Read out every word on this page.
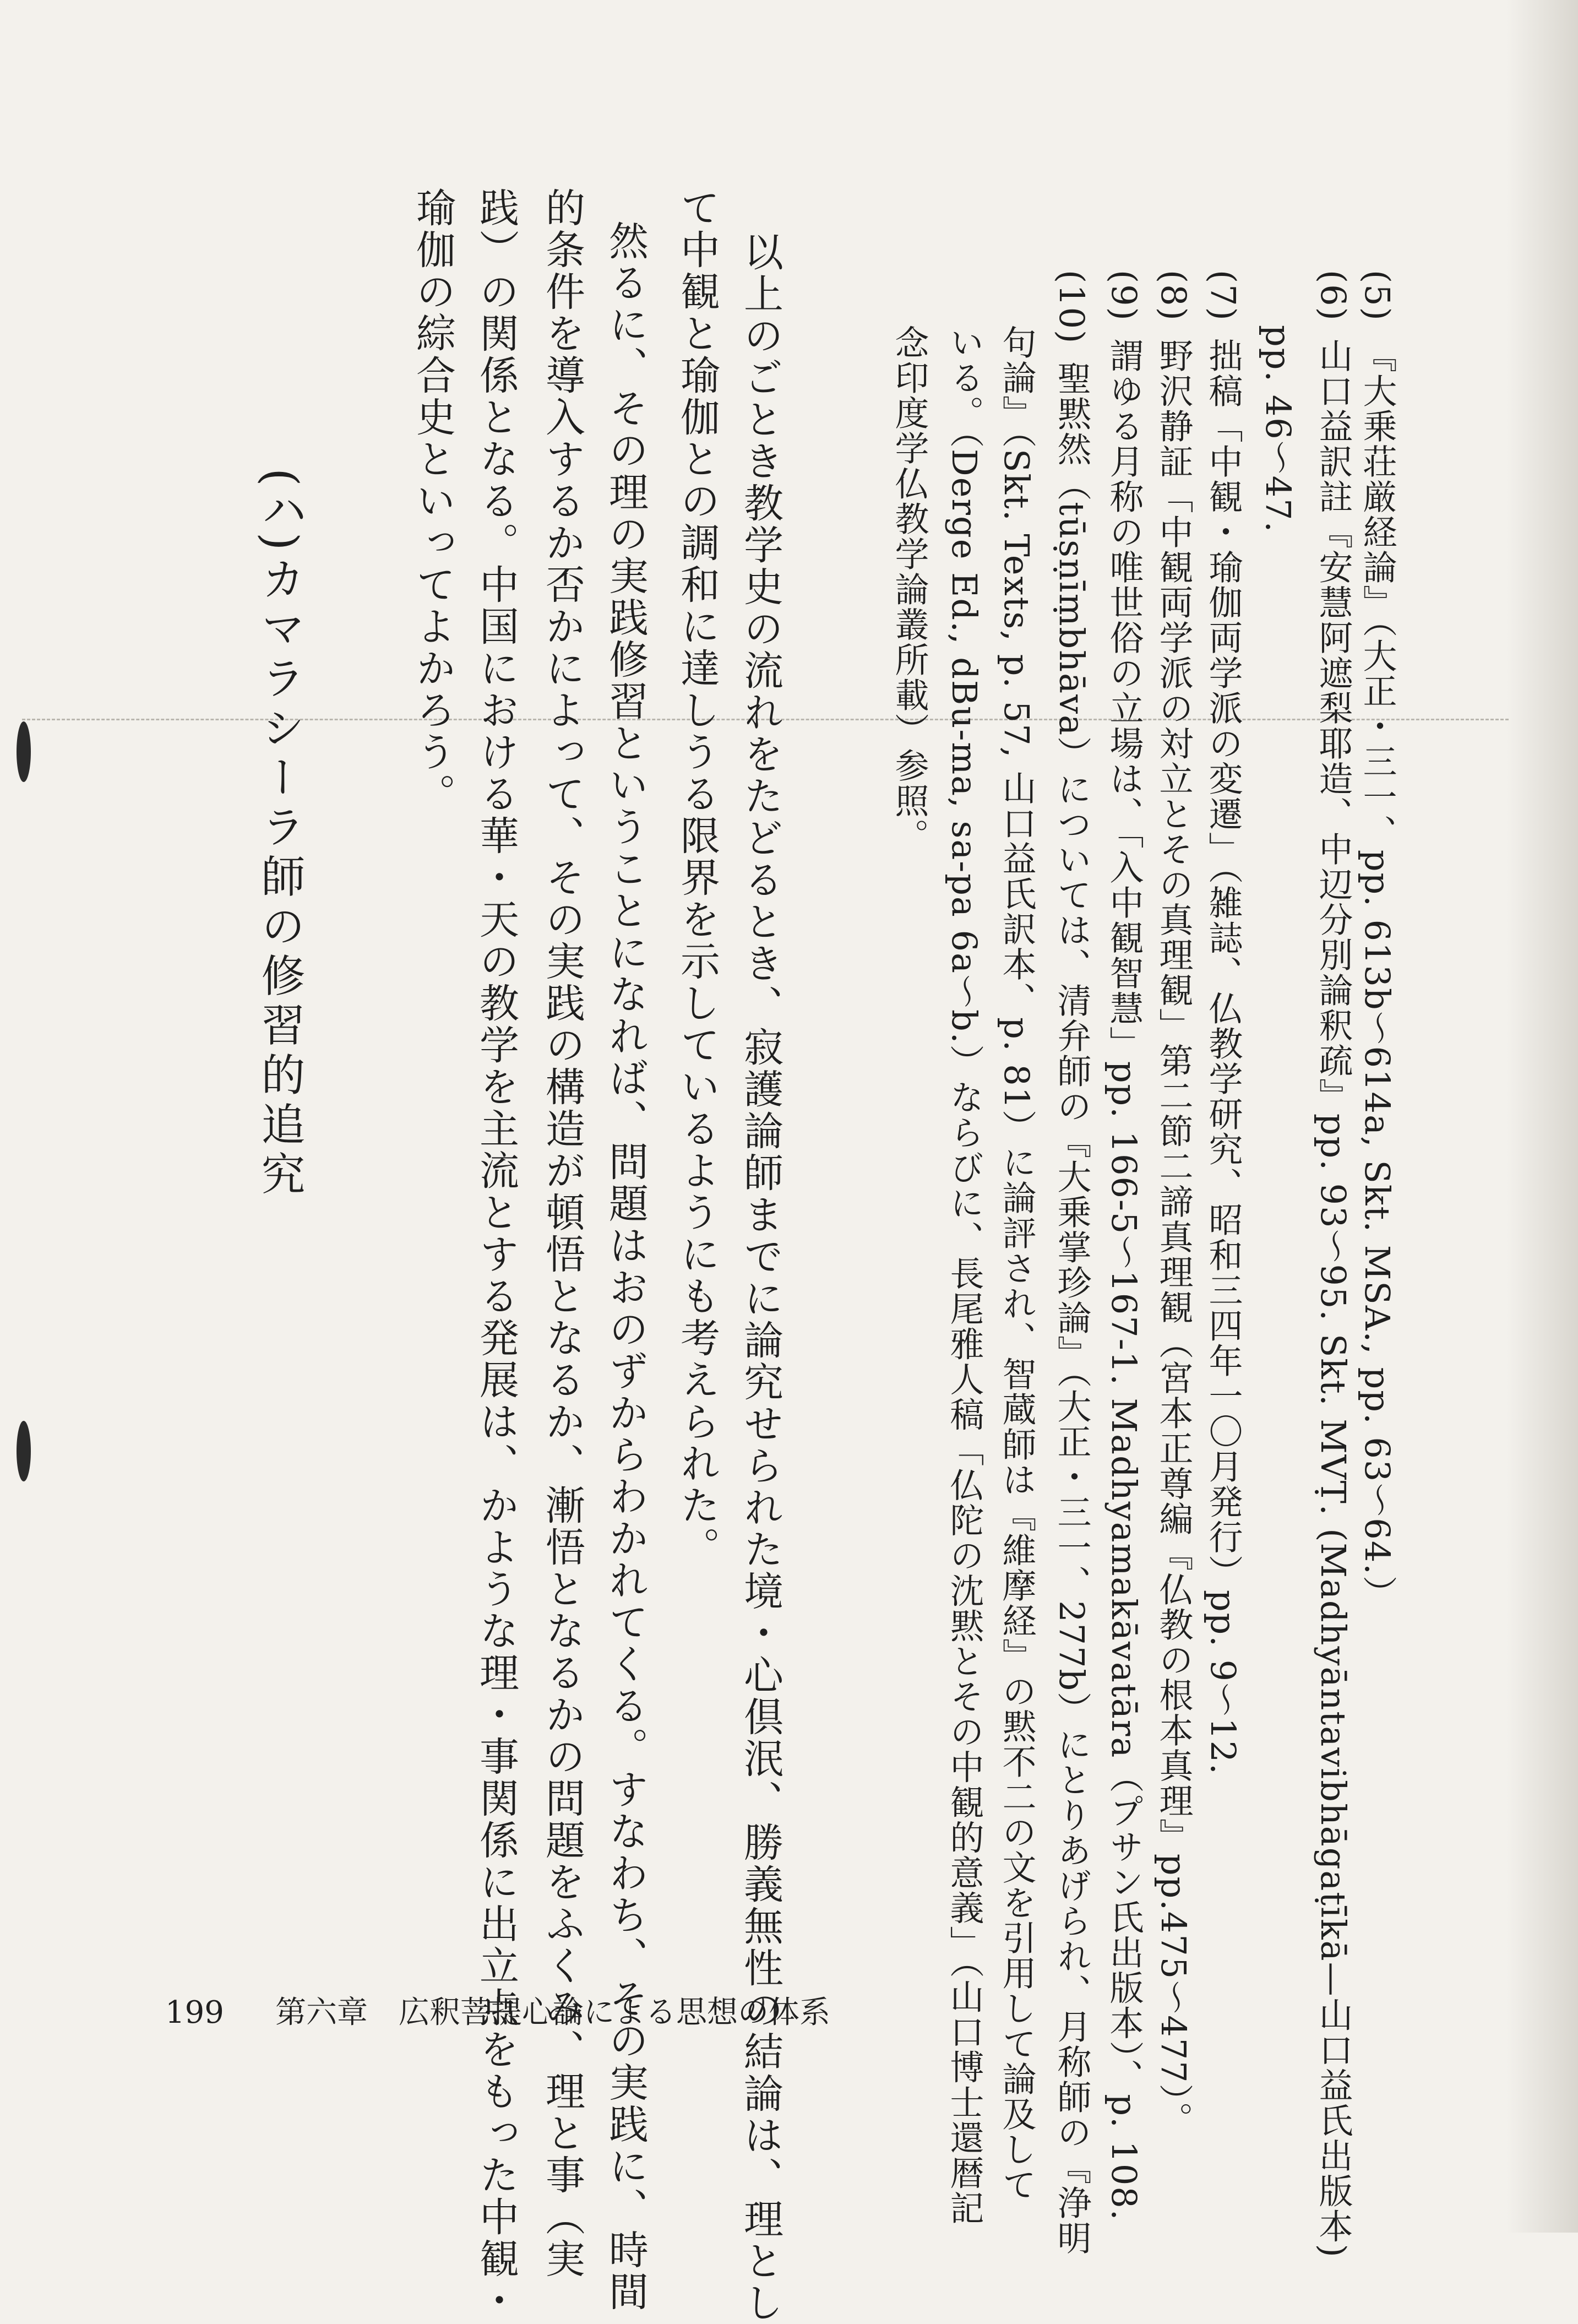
(5)『大乗荘厳経論』（大正・三一、pp. 613b〜614a, Skt. MSA., pp. 63〜64.）
(6)山口益訳註『安慧阿遮梨耶造、中辺分別論釈疏』pp. 93〜95. Skt. MVṬ. (Madhyāntavibhāgaṭīkā—山口益氏出版本)
pp. 46〜47.
(7)拙稿「中観・瑜伽両学派の変遷」（雑誌、仏教学研究、昭和三四年一〇月発行）pp. 9〜12.
(8)野沢静証「中観両学派の対立とその真理観」第二節二諦真理観（宮本正尊編『仏教の根本真理』pp.475〜477）。
(9)謂ゆる月称の唯世俗の立場は、「入中観智慧」pp. 166-5〜167-1. Madhyamakāvatāra（プサン氏出版本）、p. 108.
(10)聖黙然（tūṣṇīṃbhāva）については、清弁師の『大乗掌珍論』（大正・三一、277b）にとりあげられ、月称師の『浄明
句論』（Skt. Texts, p. 57, 山口益氏訳本、p. 81）に論評され、智蔵師は『維摩経』の黙不二の文を引用して論及して
いる。（Derge Ed., dBu-ma, sa-pa 6a〜b.）ならびに、長尾雅人稿「仏陀の沈黙とその中観的意義」（山口博士還暦記
念印度学仏教学論叢所載）参照。
以上のごとき教学史の流れをたどるとき、寂護論師までに論究せられた境・心倶泯、勝義無性の結論は、理とし
て中観と瑜伽との調和に達しうる限界を示しているようにも考えられた。
然るに、その理の実践修習ということになれば、問題はおのずからわかれてくる。すなわち、その実践に、時間
的条件を導入するか否かによって、その実践の構造が頓悟となるか、漸悟となるかの問題をふくみ、理と事（実
践）の関係となる。中国における華・天の教学を主流とする発展は、かような理・事関係に出立点をもった中観・
瑜伽の綜合史といってよかろう。
(ハ)
カマラシーラ師の修習的追究
199 第六章　広釈菩提心論による思想の体系
